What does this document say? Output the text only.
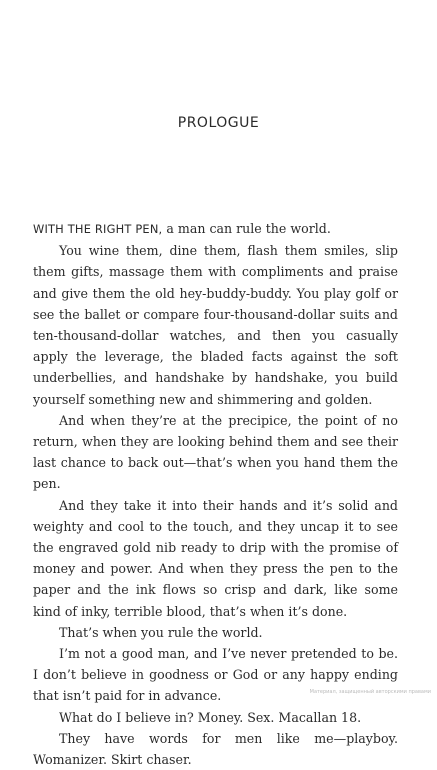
PROLOGUE

WITH THE RIGHT PEN, a man can rule the world.

You wine them, dine them, flash them smiles, slip them gifts, massage them with compliments and praise and give them the old hey-buddy-buddy. You play golf or see the ballet or compare four-thousand-dollar suits and ten-thousand-dollar watches, and then you casually apply the leverage, the bladed facts against the soft underbellies, and handshake by handshake, you build yourself something new and shimmering and golden.

And when they’re at the precipice, the point of no return, when they are looking behind them and see their last chance to back out—that’s when you hand them the pen.

And they take it into their hands and it’s solid and weighty and cool to the touch, and they uncap it to see the engraved gold nib ready to drip with the promise of money and power. And when they press the pen to the paper and the ink flows so crisp and dark, like some kind of inky, terrible blood, that’s when it’s done.

That’s when you rule the world.

I’m not a good man, and I’ve never pretended to be. I don’t believe in goodness or God or any happy ending that isn’t paid for in advance.

What do I believe in? Money. Sex. Macallan 18.

They have words for men like me—playboy. Womanizer. Skirt chaser.

Материал, защищенный авторскими правами
